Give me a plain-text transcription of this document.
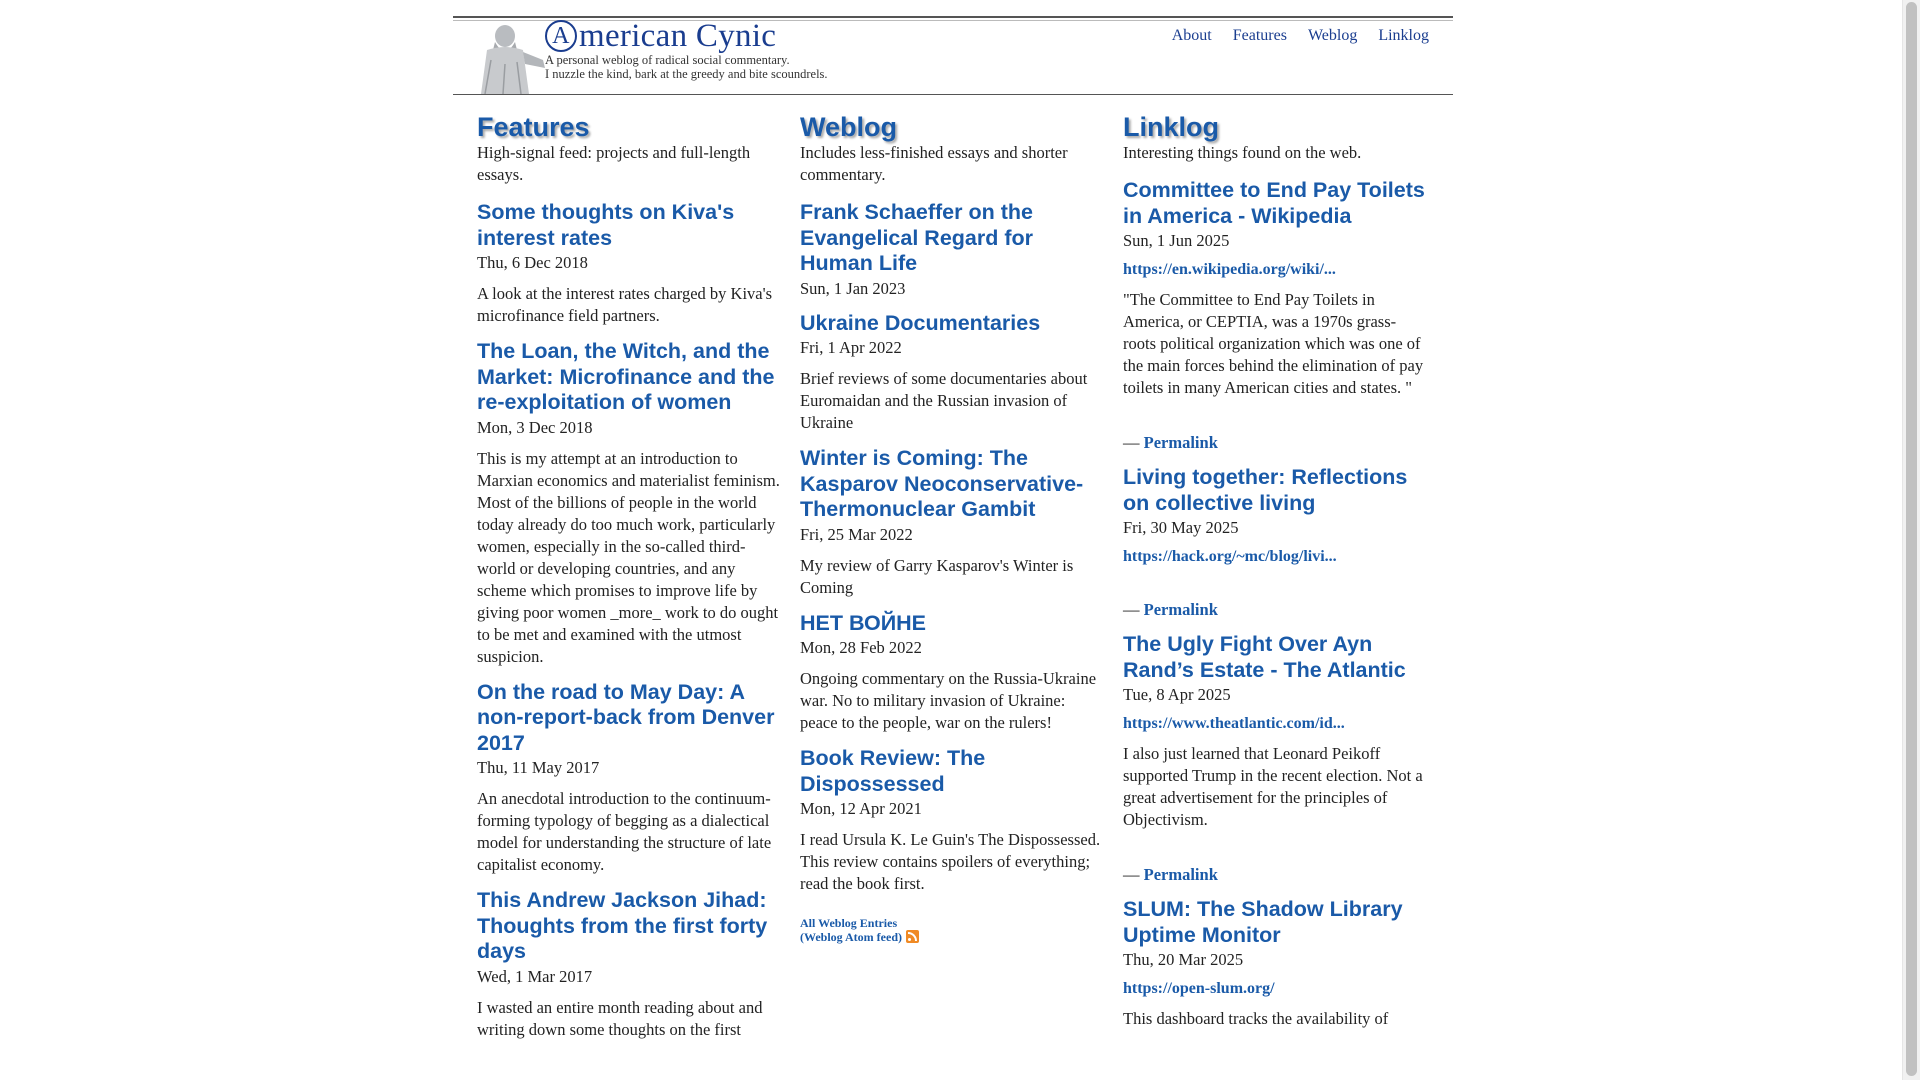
A merican Cynic
A personal weblog of radical social commentary.
I nuzzle the kind, bark at the greedy and bite scoundrels.
About Features Weblog Linklog
Features

High-signal feed: projects and full-length essays.

Some thoughts on Kiva's interest rates

Thu, 6 Dec 2018

A look at the interest rates charged by Kiva's microfinance field partners.

The Loan, the Witch, and the Market: Microfinance and the re-exploitation of women

Mon, 3 Dec 2018

This is my attempt at an introduction to Marxian economics and materialist feminism. Most of the billions of people in the world today already do too much work, particularly women, especially in the so-called third-world or developing countries, and any scheme which promises to improve life by giving poor women _more_ work to do ought to be met and examined with the utmost suspicion.

On the road to May Day: A non-report-back from Denver 2017

Thu, 11 May 2017

An anecdotal introduction to the continuum-forming typology of begging as a dialectical model for understanding the structure of late capitalist economy.

This Andrew Jackson Jihad: Thoughts from the first forty days

Wed, 1 Mar 2017

I wasted an entire month reading about and writing down some thoughts on the first

Weblog

Includes less-finished essays and shorter commentary.

Frank Schaeffer on the Evangelical Regard for Human Life

Sun, 1 Jan 2023

Ukraine Documentaries

Fri, 1 Apr 2022

Brief reviews of some documentaries about Euromaidan and the Russian invasion of Ukraine

Winter is Coming: The Kasparov Neoconservative-Thermonuclear Gambit

Fri, 25 Mar 2022

My review of Garry Kasparov's Winter is Coming

НЕТ ВОЙНЕ

Mon, 28 Feb 2022

Ongoing commentary on the Russia-Ukraine war. No to military invasion of Ukraine: peace to the people, war on the rulers!

Book Review: The Dispossessed

Mon, 12 Apr 2021

I read Ursula K. Le Guin's The Dispossessed. This review contains spoilers of everything; read the book first.

All Weblog Entries
(Weblog Atom feed)
Linklog

Interesting things found on the web.

Committee to End Pay Toilets in America - Wikipedia

Sun, 1 Jun 2025

https://en.wikipedia.org/wiki/...

"The Committee to End Pay Toilets in America, or CEPTIA, was a 1970s grass-roots political organization which was one of the main forces behind the elimination of pay toilets in many American cities and states. "

— Permalink

Living together: Reflections on collective living

Fri, 30 May 2025

https://hack.org/~mc/blog/livi...

— Permalink

The Ugly Fight Over Ayn Rand’s Estate - The Atlantic

Tue, 8 Apr 2025

https://www.theatlantic.com/id...

I also just learned that Leonard Peikoff supported Trump in the recent election. Not a great advertisement for the principles of Objectivism.

— Permalink

SLUM: The Shadow Library Uptime Monitor

Thu, 20 Mar 2025

https://open-slum.org/

This dashboard tracks the availability of
